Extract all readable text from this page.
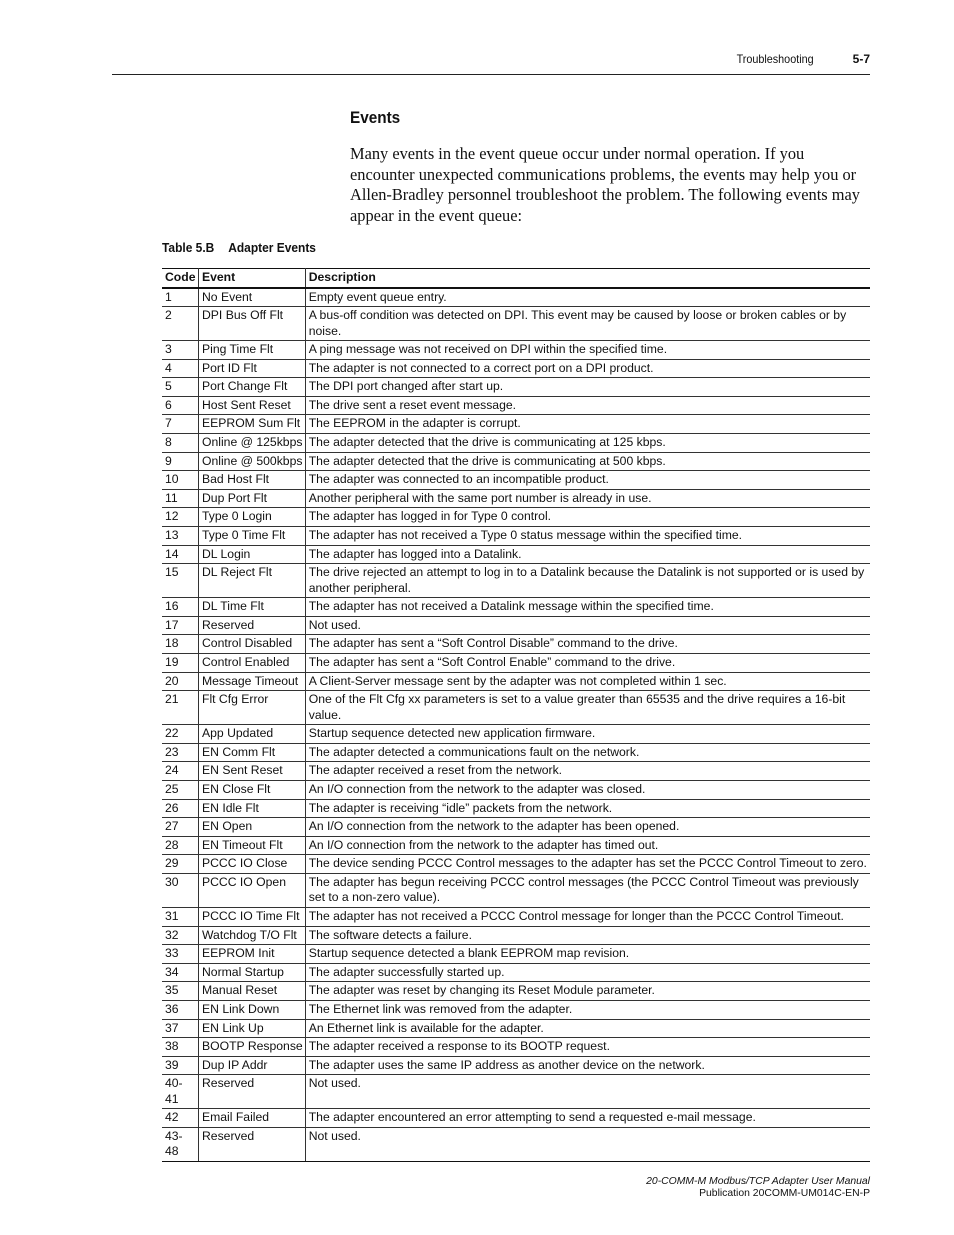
Troubleshooting	5-7
Events

Many events in the event queue occur under normal operation. If you encounter unexpected communications problems, the events may help you or Allen-Bradley personnel troubleshoot the problem. The following events may appear in the event queue:

Table 5.B Adapter Events
Code	Event	Description
1	No Event	Empty event queue entry.
2	DPI Bus Off Flt	A bus-off condition was detected on DPI. This event may be caused by loose or broken cables or by noise.
3	Ping Time Flt	A ping message was not received on DPI within the specified time.
4	Port ID Flt	The adapter is not connected to a correct port on a DPI product.
5	Port Change Flt	The DPI port changed after start up.
6	Host Sent Reset	The drive sent a reset event message.
7	EEPROM Sum Flt	The EEPROM in the adapter is corrupt.
8	Online @ 125kbps	The adapter detected that the drive is communicating at 125 kbps.
9	Online @ 500kbps	The adapter detected that the drive is communicating at 500 kbps.
10	Bad Host Flt	The adapter was connected to an incompatible product.
11	Dup Port Flt	Another peripheral with the same port number is already in use.
12	Type 0 Login	The adapter has logged in for Type 0 control.
13	Type 0 Time Flt	The adapter has not received a Type 0 status message within the specified time.
14	DL Login	The adapter has logged into a Datalink.
15	DL Reject Flt	The drive rejected an attempt to log in to a Datalink because the Datalink is not supported or is used by another peripheral.
16	DL Time Flt	The adapter has not received a Datalink message within the specified time.
17	Reserved	Not used.
18	Control Disabled	The adapter has sent a “Soft Control Disable” command to the drive.
19	Control Enabled	The adapter has sent a “Soft Control Enable” command to the drive.
20	Message Timeout	A Client-Server message sent by the adapter was not completed within 1 sec.
21	Flt Cfg Error	One of the Flt Cfg xx parameters is set to a value greater than 65535 and the drive requires a 16-bit value.
22	App Updated	Startup sequence detected new application firmware.
23	EN Comm Flt	The adapter detected a communications fault on the network.
24	EN Sent Reset	The adapter received a reset from the network.
25	EN Close Flt	An I/O connection from the network to the adapter was closed.
26	EN Idle Flt	The adapter is receiving “idle” packets from the network.
27	EN Open	An I/O connection from the network to the adapter has been opened.
28	EN Timeout Flt	An I/O connection from the network to the adapter has timed out.
29	PCCC IO Close	The device sending PCCC Control messages to the adapter has set the PCCC Control Timeout to zero.
30	PCCC IO Open	The adapter has begun receiving PCCC control messages (the PCCC Control Timeout was previously set to a non-zero value).
31	PCCC IO Time Flt	The adapter has not received a PCCC Control message for longer than the PCCC Control Timeout.
32	Watchdog T/O Flt	The software detects a failure.
33	EEPROM Init	Startup sequence detected a blank EEPROM map revision.
34	Normal Startup	The adapter successfully started up.
35	Manual Reset	The adapter was reset by changing its Reset Module parameter.
36	EN Link Down	The Ethernet link was removed from the adapter.
37	EN Link Up	An Ethernet link is available for the adapter.
38	BOOTP Response	The adapter received a response to its BOOTP request.
39	Dup IP Addr	The adapter uses the same IP address as another device on the network.
40-41	Reserved	Not used.
42	Email Failed	The adapter encountered an error attempting to send a requested e-mail message.
43-48	Reserved	Not used.
20-COMM-M Modbus/TCP Adapter User Manual
Publication 20COMM-UM014C-EN-P
